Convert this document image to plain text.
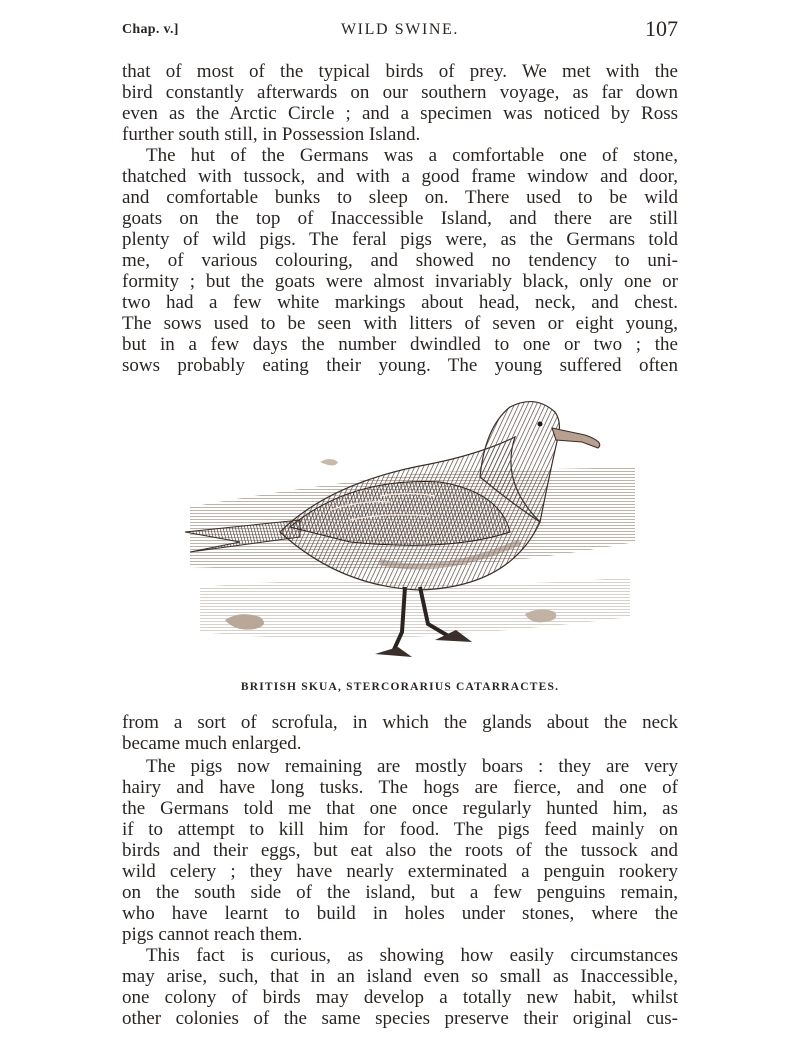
Chap. v.]	WILD SWINE.	107
that of most of the typical birds of prey. We met with the
bird constantly afterwards on our southern voyage, as far down
even as the Arctic Circle ; and a specimen was noticed by Ross
further south still, in Possession Island.
The hut of the Germans was a comfortable one of stone,
thatched with tussock, and with a good frame window and door,
and comfortable bunks to sleep on. There used to be wild
goats on the top of Inaccessible Island, and there are still
plenty of wild pigs. The feral pigs were, as the Germans told
me, of various colouring, and showed no tendency to uni-
formity ; but the goats were almost invariably black, only one or
two had a few white markings about head, neck, and chest.
The sows used to be seen with litters of seven or eight young,
but in a few days the number dwindled to one or two ; the
sows probably eating their young. The young suffered often
BRITISH SKUA, STERCORARIUS CATARRACTES.
from a sort of scrofula, in which the glands about the neck
became much enlarged.
The pigs now remaining are mostly boars : they are very
hairy and have long tusks. The hogs are fierce, and one of
the Germans told me that one once regularly hunted him, as
if to attempt to kill him for food. The pigs feed mainly on
birds and their eggs, but eat also the roots of the tussock and
wild celery ; they have nearly exterminated a penguin rookery
on the south side of the island, but a few penguins remain,
who have learnt to build in holes under stones, where the
pigs cannot reach them.
This fact is curious, as showing how easily circumstances
may arise, such, that in an island even so small as Inaccessible,
one colony of birds may develop a totally new habit, whilst
other colonies of the same species preserve their original cus-
